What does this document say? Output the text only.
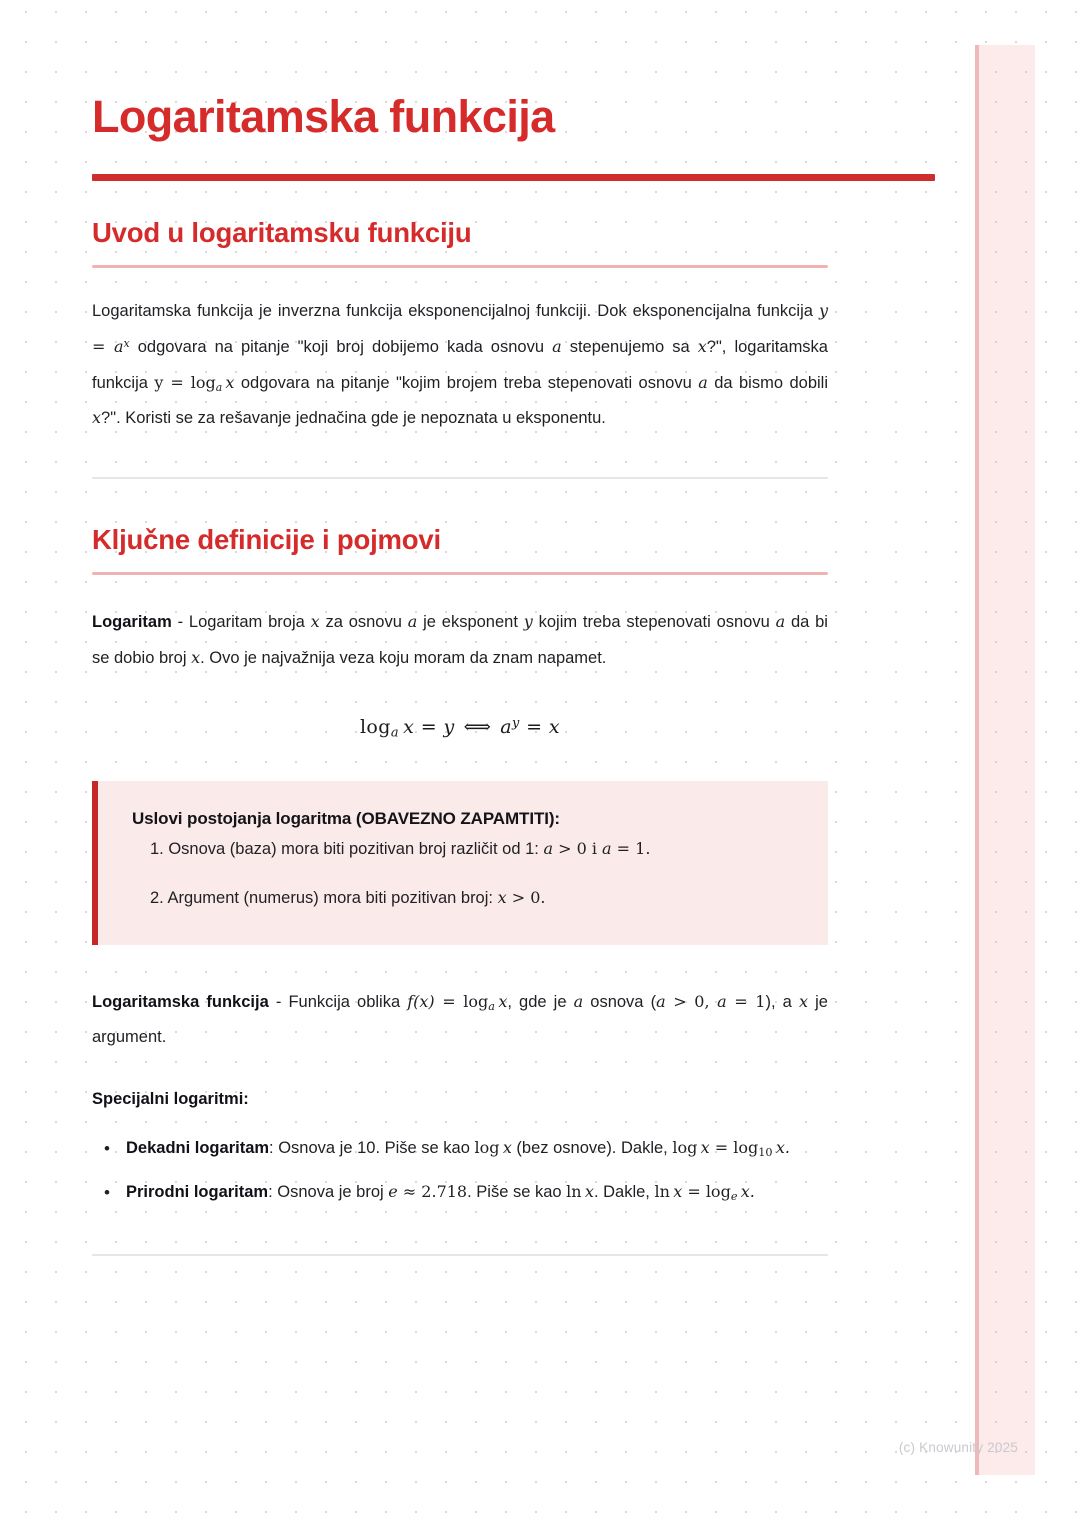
Logaritamska funkcija
Uvod u logaritamsku funkciju

Logaritamska funkcija je inverzna funkcija eksponencijalnoj funkciji. Dok eksponencijalna funkcija $y = a^x$ odgovara na pitanje "koji broj dobijemo kada osnovu a stepenujemo sa x?", logaritamska funkcija $y = \log_a x$ odgovara na pitanje "kojim brojem treba stepenovati osnovu a da bismo dobili x?". Koristi se za rešavanje jednačina gde je nepoznata u eksponentu.

Ključne definicije i pojmovi

Logaritam - Logaritam broja x za osnovu a je eksponent y kojim treba stepenovati osnovu a da bi se dobio broj x. Ovo je najvažnija veza koju moram da znam napamet.

$\log_a x = y$ ⟺ $a^y = x$

Uslovi postojanja logaritma (OBAVEZNO ZAPAMTITI):

1. Osnova (baza) mora biti pozitivan broj različit od 1: a > 0 i a = 1.
2. Argument (numerus) mora biti pozitivan broj: x > 0.

Logaritamska funkcija - Funkcija oblika $f(x) = \log_a x$, gde je a osnova (a > 0, a = 1), a x je argument.

Specijalni logaritmi:

• Dekadni logaritam: Osnova je 10. Piše se kao log  x (bez osnove). Dakle, $\log x = \log_{10} x$.
• Prirodni logaritam: Osnova je broj e ≈ 2.718. Piše se kao ln  x. Dakle, $\ln x = \log_e x$.
(c) Knowunity 2025
